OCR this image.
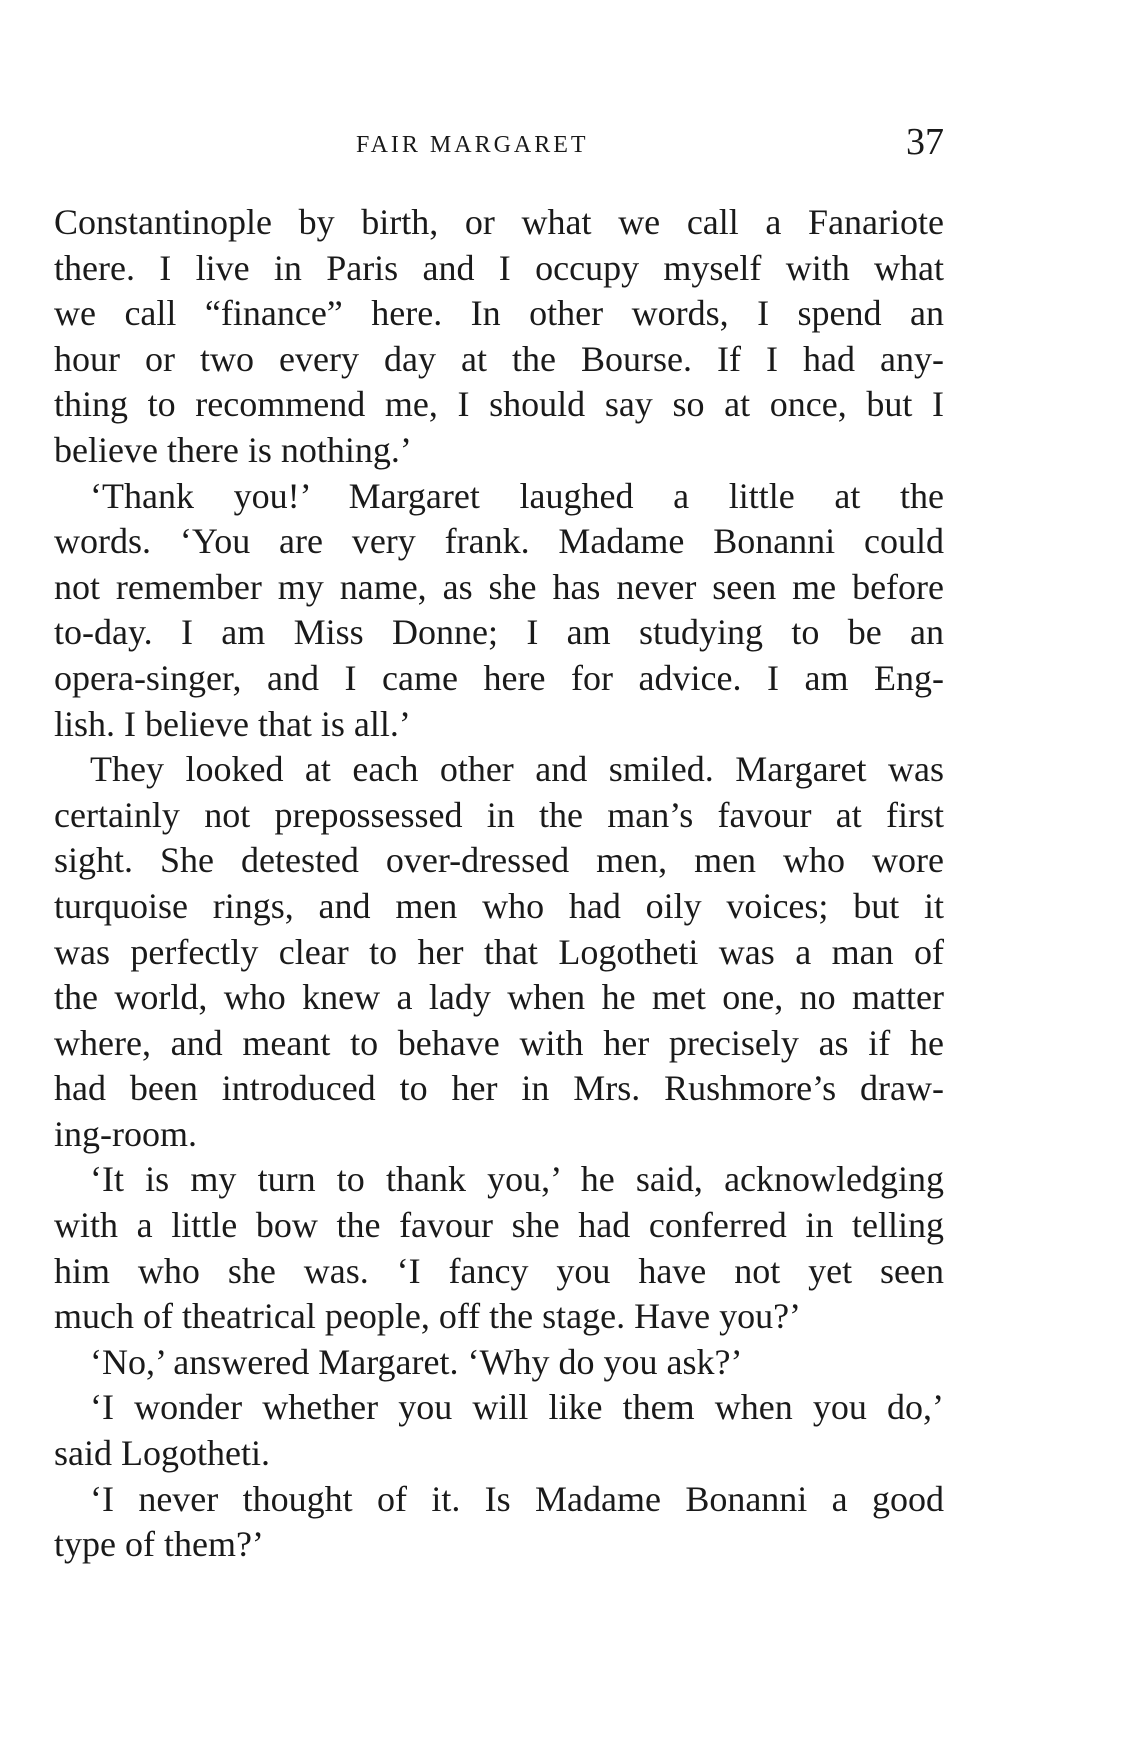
FAIR MARGARET	37
Constantinople by birth, or what we call a Fanariote
there. I live in Paris and I occupy myself with what
we call “finance” here. In other words, I spend an
hour or two every day at the Bourse. If I had any-
thing to recommend me, I should say so at once, but I
believe there is nothing.’
‘Thank you!’ Margaret laughed a little at the
words. ‘You are very frank. Madame Bonanni could
not remember my name, as she has never seen me before
to-day. I am Miss Donne; I am studying to be an
opera-singer, and I came here for advice. I am Eng-
lish. I believe that is all.’
They looked at each other and smiled. Margaret was
certainly not prepossessed in the man’s favour at first
sight. She detested over-dressed men, men who wore
turquoise rings, and men who had oily voices; but it
was perfectly clear to her that Logotheti was a man of
the world, who knew a lady when he met one, no matter
where, and meant to behave with her precisely as if he
had been introduced to her in Mrs. Rushmore’s draw-
ing-room.
‘It is my turn to thank you,’ he said, acknowledging
with a little bow the favour she had conferred in telling
him who she was. ‘I fancy you have not yet seen
much of theatrical people, off the stage. Have you?’
‘No,’ answered Margaret. ‘Why do you ask?’
‘I wonder whether you will like them when you do,’
said Logotheti.
‘I never thought of it. Is Madame Bonanni a good
type of them?’
